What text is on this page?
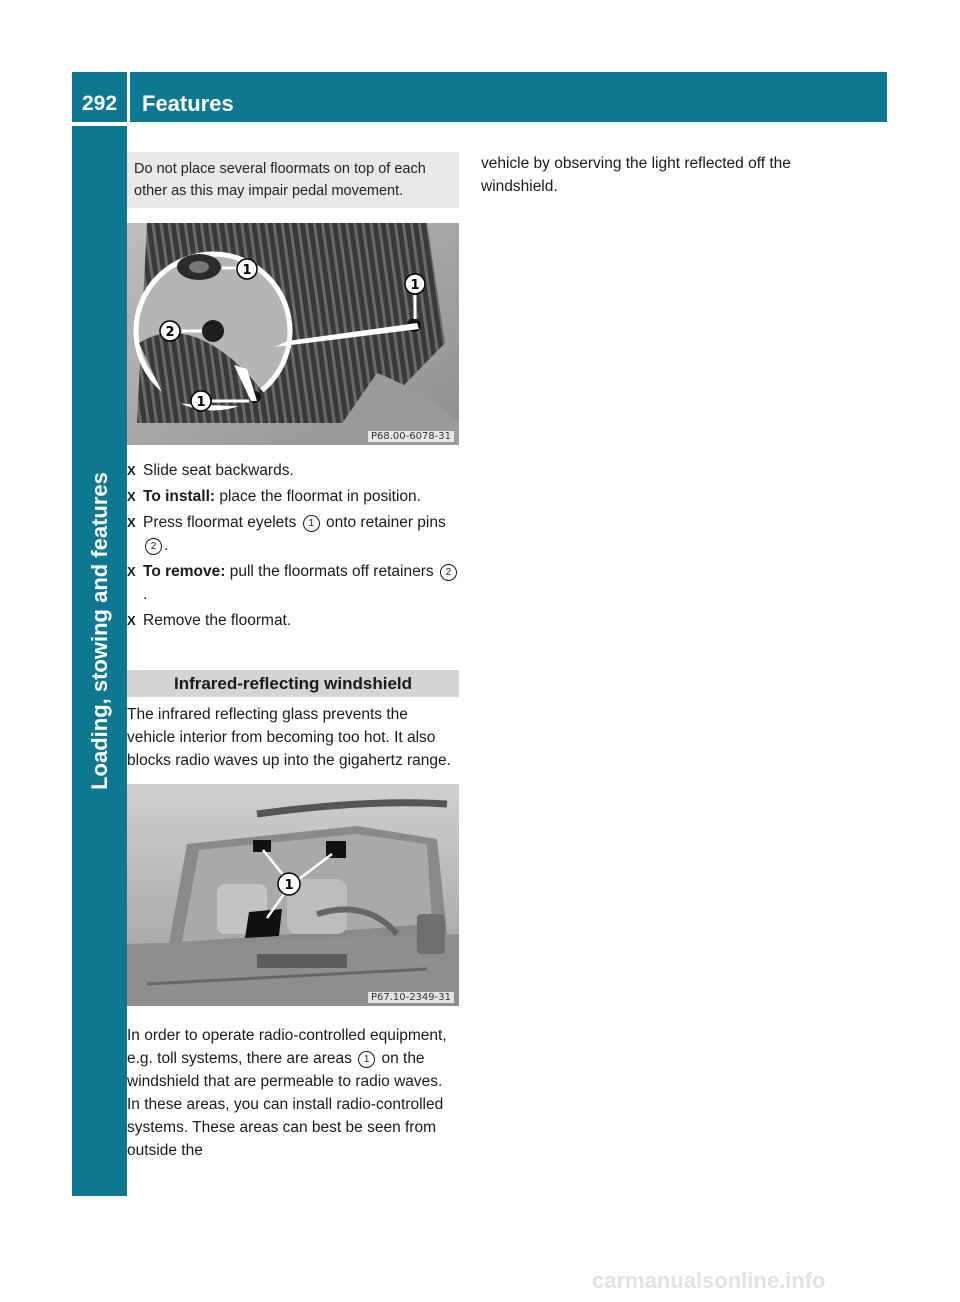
292	Features
Loading, stowing and features
Do not place several floormats on top of each other as this may impair pedal movement.
1
1
2
1
P68.00-6078-31
X Slide seat backwards.
X To install: place the floormat in position.
X Press floormat eyelets 1 onto retainer pins 2 .
X To remove: pull the floormats off retainers 2.
X Remove the floormat.
Infrared-reflecting windshield
The infrared reflecting glass prevents the vehicle interior from becoming too hot. It also blocks radio waves up into the gigahertz range.
1
P67.10-2349-31
In order to operate radio-controlled equipment, e.g. toll systems, there are areas 1 on the windshield that are permeable to radio waves. In these areas, you can install radio-controlled systems. These areas can best be seen from outside the
vehicle by observing the light reflected off the windshield.
carmanualsonline.info
